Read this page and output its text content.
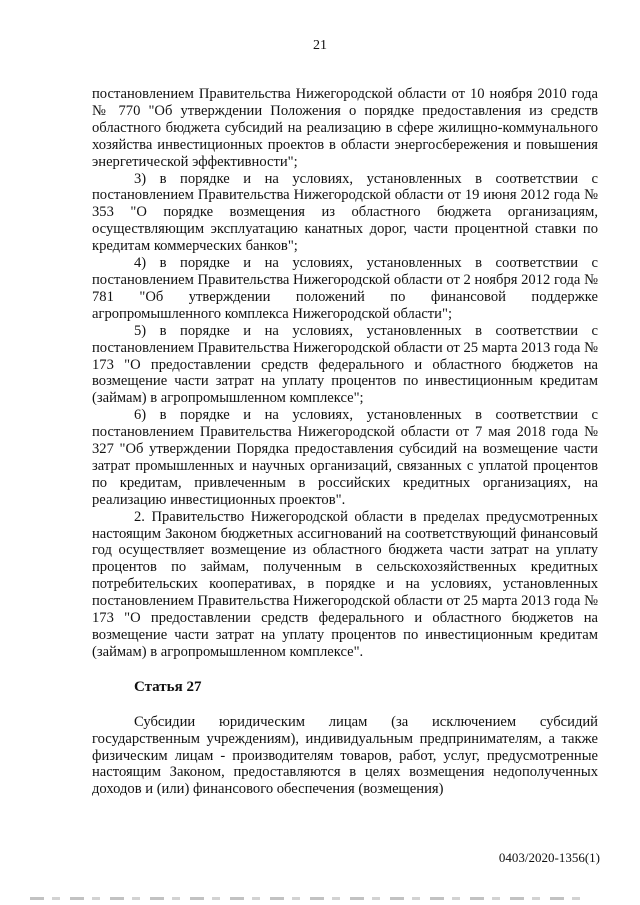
21

постановлением Правительства Нижегородской области от 10 ноября 2010 года № 770 "Об утверждении Положения о порядке предоставления из средств областного бюджета субсидий на реализацию в сфере жилищно-коммунального хозяйства инвестиционных проектов в области энергосбережения и повышения энергетической эффективности";

3) в порядке и на условиях, установленных в соответствии с постановлением Правительства Нижегородской области от 19 июня 2012 года № 353 "О порядке возмещения из областного бюджета организациям, осуществляющим эксплуатацию канатных дорог, части процентной ставки по кредитам коммерческих банков";

4) в порядке и на условиях, установленных в соответствии с постановлением Правительства Нижегородской области от 2 ноября 2012 года № 781 "Об утверждении положений по финансовой поддержке агропромышленного комплекса Нижегородской области";

5) в порядке и на условиях, установленных в соответствии с постановлением Правительства Нижегородской области от 25 марта 2013 года № 173 "О предоставлении средств федерального и областного бюджетов на возмещение части затрат на уплату процентов по инвестиционным кредитам (займам) в агропромышленном комплексе";

6) в порядке и на условиях, установленных в соответствии с постановлением Правительства Нижегородской области от 7 мая 2018 года № 327 "Об утверждении Порядка предоставления субсидий на возмещение части затрат промышленных и научных организаций, связанных с уплатой процентов по кредитам, привлеченным в российских кредитных организациях, на реализацию инвестиционных проектов".

2. Правительство Нижегородской области в пределах предусмотренных настоящим Законом бюджетных ассигнований на соответствующий финансовый год осуществляет возмещение из областного бюджета части затрат на уплату процентов по займам, полученным в сельскохозяйственных кредитных потребительских кооперативах, в порядке и на условиях, установленных постановлением Правительства Нижегородской области от 25 марта 2013 года № 173 "О предоставлении средств федерального и областного бюджетов на возмещение части затрат на уплату процентов по инвестиционным кредитам (займам) в агропромышленном комплексе".

Статья 27

Субсидии юридическим лицам (за исключением субсидий государственным учреждениям), индивидуальным предпринимателям, а также физическим лицам - производителям товаров, работ, услуг, предусмотренные настоящим Законом, предоставляются в целях возмещения недополученных доходов и (или) финансового обеспечения (возмещения)

0403/2020-1356(1)
